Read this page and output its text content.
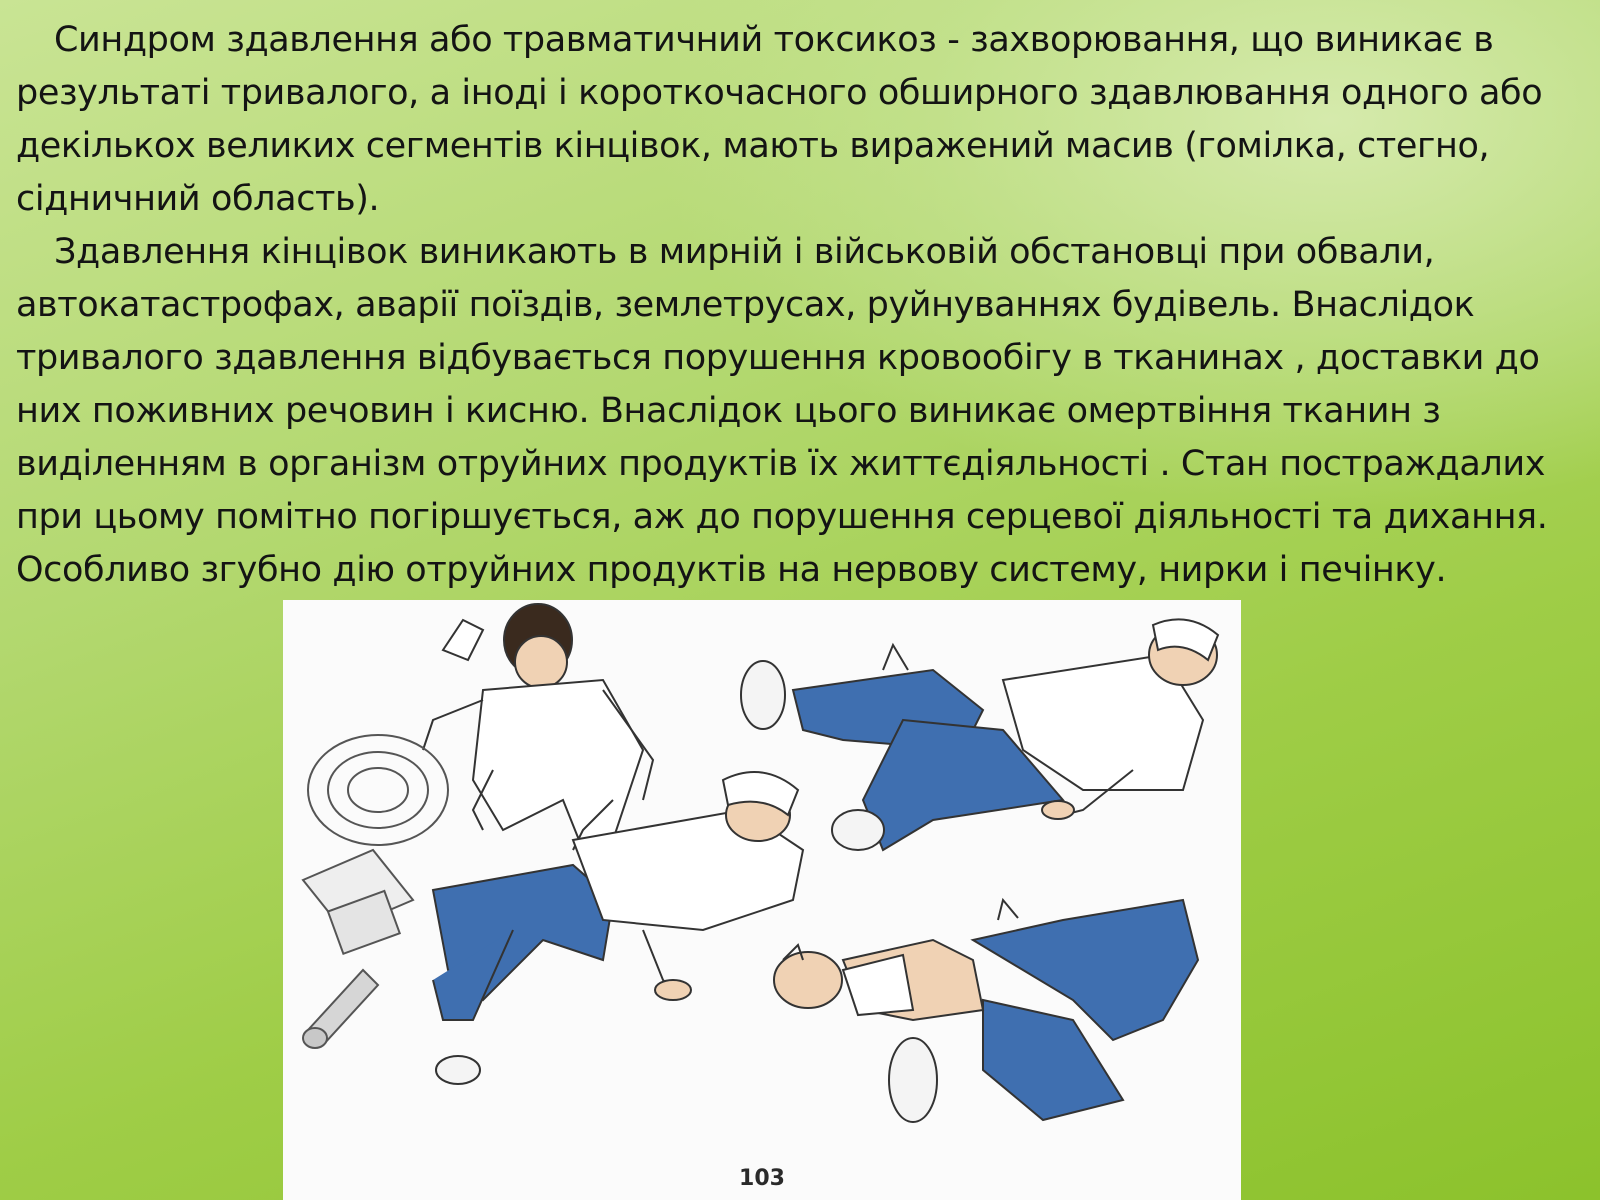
Синдром здавлення або травматичний токсикоз - захворювання, що виникає в результаті тривалого, а іноді і короткочасного обширного здавлювання одного або декількох великих сегментів кінцівок, мають виражений масив (гомілка, стегно, сідничний область).

Здавлення кінцівок виникають в мирній і військовій обстановці при обвали, автокатастрофах, аварії поїздів, землетрусах, руйнуваннях будівель. Внаслідок тривалого здавлення відбувається порушення кровообігу в тканинах , доставки до них поживних речовин і кисню. Внаслідок цього виникає омертвіння тканин з виділенням в організм отруйних продуктів їх життєдіяльності . Стан постраждалих при цьому помітно погіршується, аж до порушення серцевої діяльності та дихання. Особливо згубно дію отруйних продуктів на нервову систему, нирки і печінку.

103
